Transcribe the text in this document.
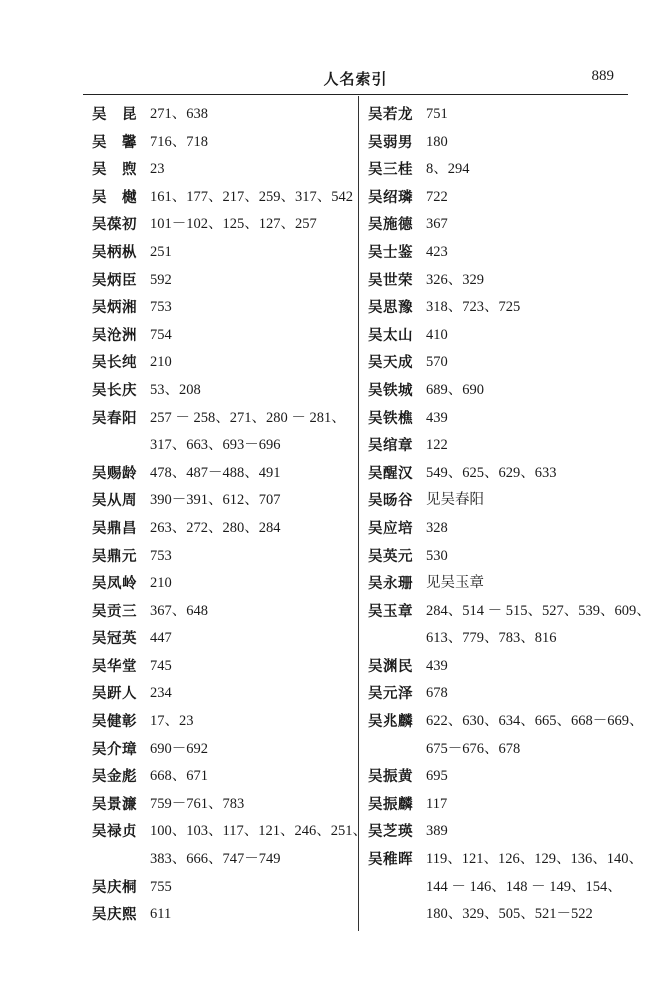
人名索引	889
吴　昆 271、638
吴　馨 716、718
吴　煦 23
吴　樾 161、177、217、259、317、542
吴葆初 101－102、125、127、257
吴柄枞 251
吴炳臣 592
吴炳湘 753
吴沧洲 754
吴长纯 210
吴长庆 53、208
吴春阳 257 － 258、271、280 － 281、
317、663、693－696
吴赐龄 478、487－488、491
吴从周 390－391、612、707
吴鼎昌 263、272、280、284
吴鼎元 753
吴凤岭 210
吴贡三 367、648
吴冠英 447
吴华堂 745
吴趼人 234
吴健彰 17、23
吴介璋 690－692
吴金彪 668、671
吴景濂 759－761、783
吴禄贞 100、103、117、121、246、251、
383、666、747－749
吴庆桐 755
吴庆熙 611
吴若龙 751
吴弱男 180
吴三桂 8、294
吴绍璘 722
吴施德 367
吴士鉴 423
吴世荣 326、329
吴思豫 318、723、725
吴太山 410
吴天成 570
吴铁城 689、690
吴铁樵 439
吴绾章 122
吴醒汉 549、625、629、633
吴旸谷 见吴春阳
吴应培 328
吴英元 530
吴永珊 见吴玉章
吴玉章 284、514 － 515、527、539、609、
613、779、783、816
吴渊民 439
吴元泽 678
吴兆麟 622、630、634、665、668－669、
675－676、678
吴振黄 695
吴振麟 117
吴芝瑛 389
吴稚晖 119、121、126、129、136、140、
144 － 146、148 － 149、154、
180、329、505、521－522
